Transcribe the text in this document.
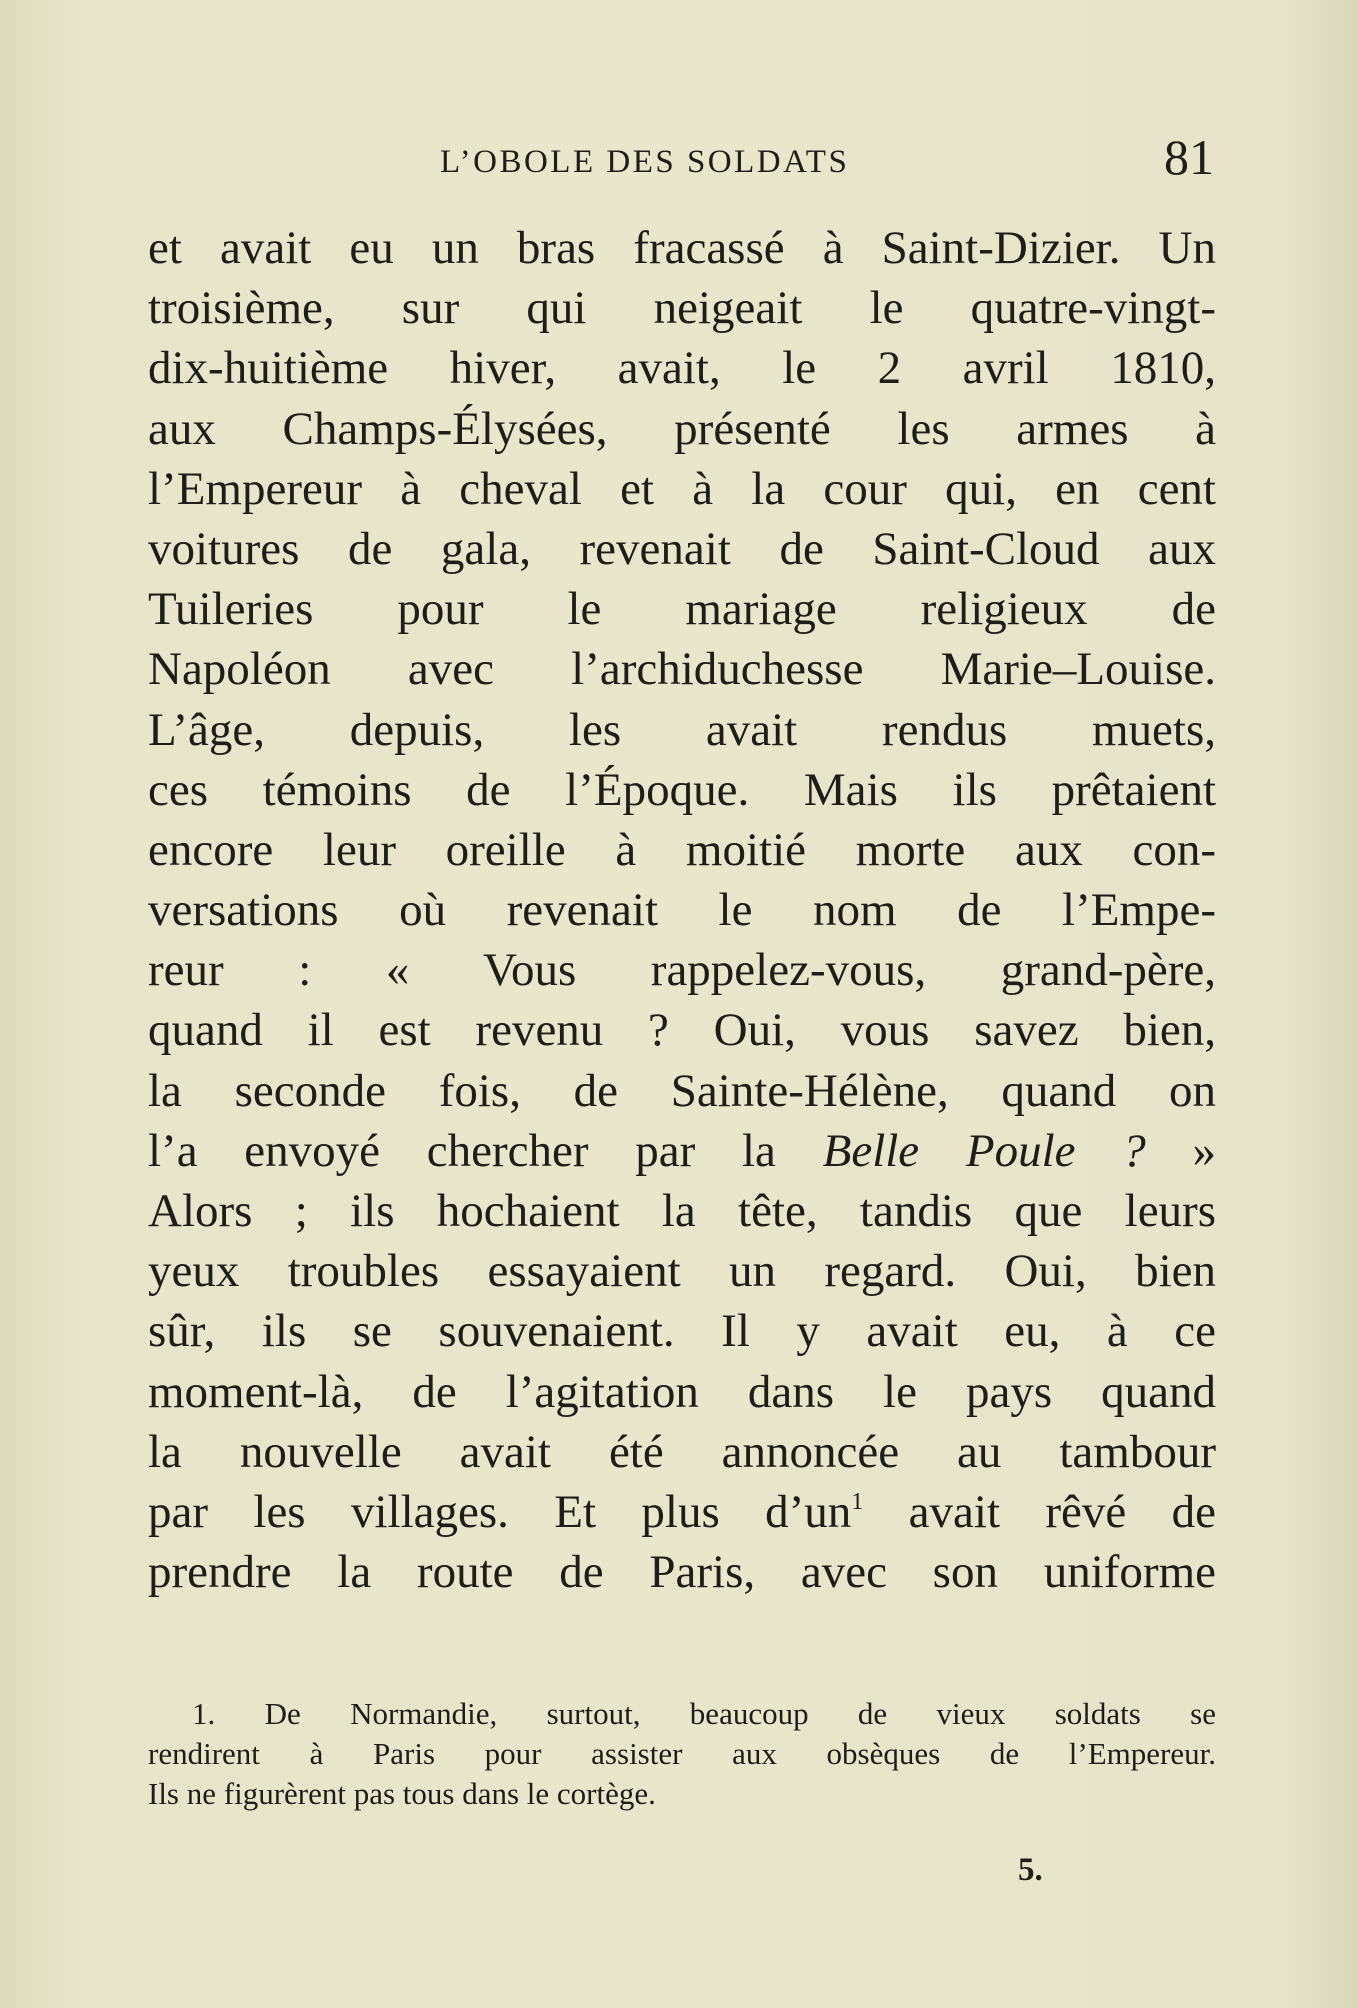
L’OBOLE DES SOLDATS	81
et avait eu un bras fracassé à Saint-Dizier. Un
troisième, sur qui neigeait le quatre-vingt-
dix-huitième hiver, avait, le 2 avril 1810,
aux Champs-Élysées, présenté les armes à
l’Empereur à cheval et à la cour qui, en cent
voitures de gala, revenait de Saint-Cloud aux
Tuileries pour le mariage religieux de
Napoléon avec l’archiduchesse Marie–Louise.
L’âge, depuis, les avait rendus muets,
ces témoins de l’Époque. Mais ils prêtaient
encore leur oreille à moitié morte aux con-
versations où revenait le nom de l’Empe-
reur : « Vous rappelez-vous, grand-père,
quand il est revenu ? Oui, vous savez bien,
la seconde fois, de Sainte-Hélène, quand on
l’a envoyé chercher par la Belle Poule ? »
Alors ; ils hochaient la tête, tandis que leurs
yeux troubles essayaient un regard. Oui, bien
sûr, ils se souvenaient. Il y avait eu, à ce
moment-là, de l’agitation dans le pays quand
la nouvelle avait été annoncée au tambour
par les villages. Et plus d’un$^1$ avait rêvé de
prendre la route de Paris, avec son uniforme
1. De Normandie, surtout, beaucoup de vieux soldats se
rendirent à Paris pour assister aux obsèques de l’Empereur.
Ils ne figurèrent pas tous dans le cortège.
5.
